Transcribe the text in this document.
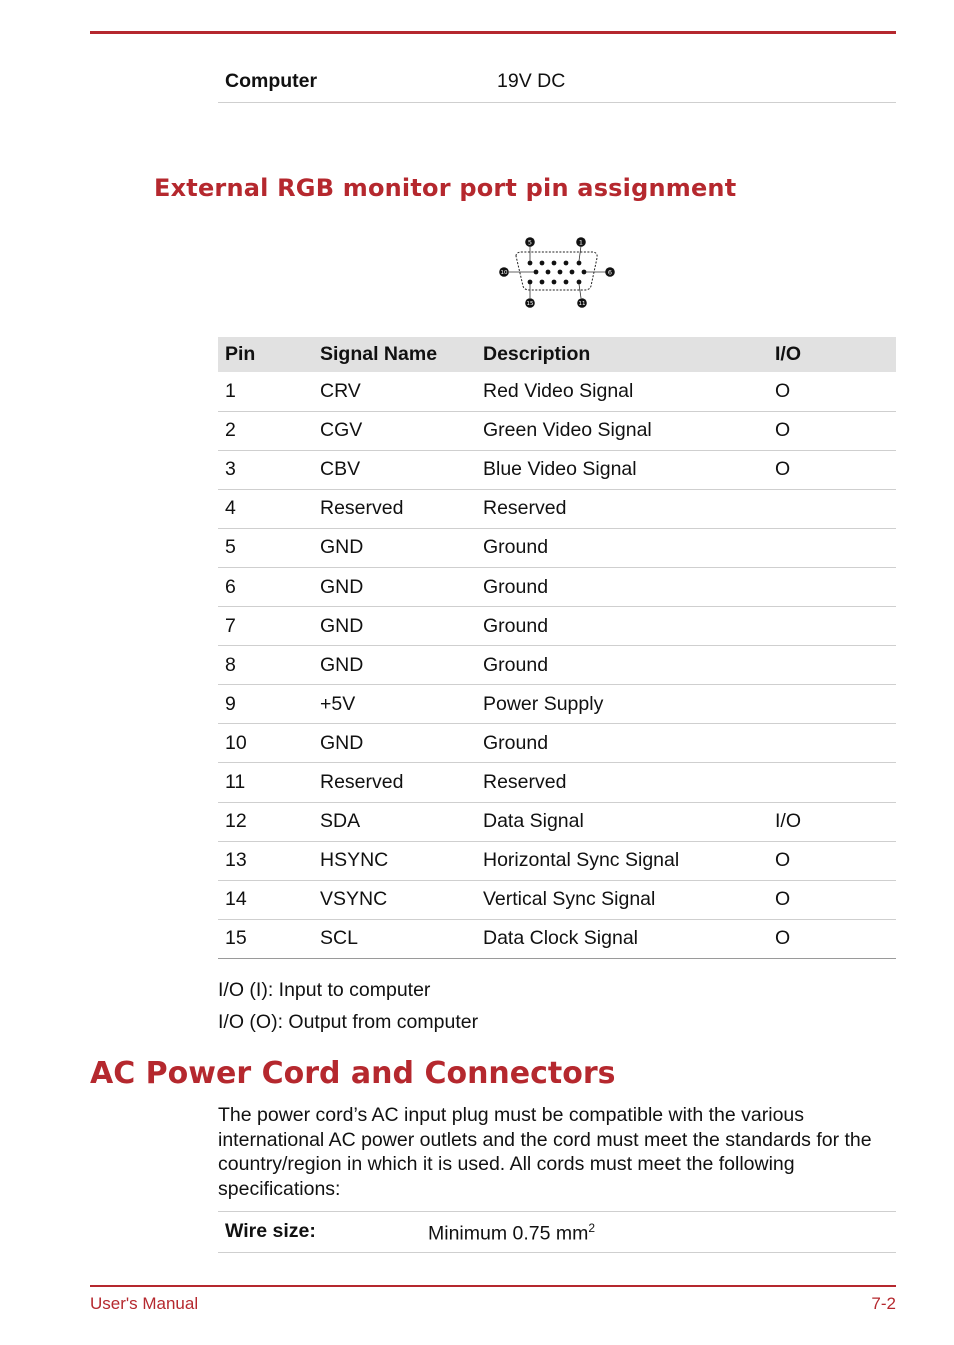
Computer	19V DC
External RGB monitor port pin assignment
5	1
10	6
15	11
Pin	Signal Name	Description	I/O
1	CRV	Red Video Signal	O
2	CGV	Green Video Signal	O
3	CBV	Blue Video Signal	O
4	Reserved	Reserved	
5	GND	Ground	
6	GND	Ground	
7	GND	Ground	
8	GND	Ground	
9	+5V	Power Supply	
10	GND	Ground	
11	Reserved	Reserved	
12	SDA	Data Signal	I/O
13	HSYNC	Horizontal Sync Signal	O
14	VSYNC	Vertical Sync Signal	O
15	SCL	Data Clock Signal	O
I/O (I): Input to computer
I/O (O): Output from computer
AC Power Cord and Connectors
The power cord’s AC input plug must be compatible with the various international AC power outlets and the cord must meet the standards for the country/region in which it is used. All cords must meet the following specifications:
Wire size:	Minimum 0.75 $mm^2$
User's Manual	7-2
